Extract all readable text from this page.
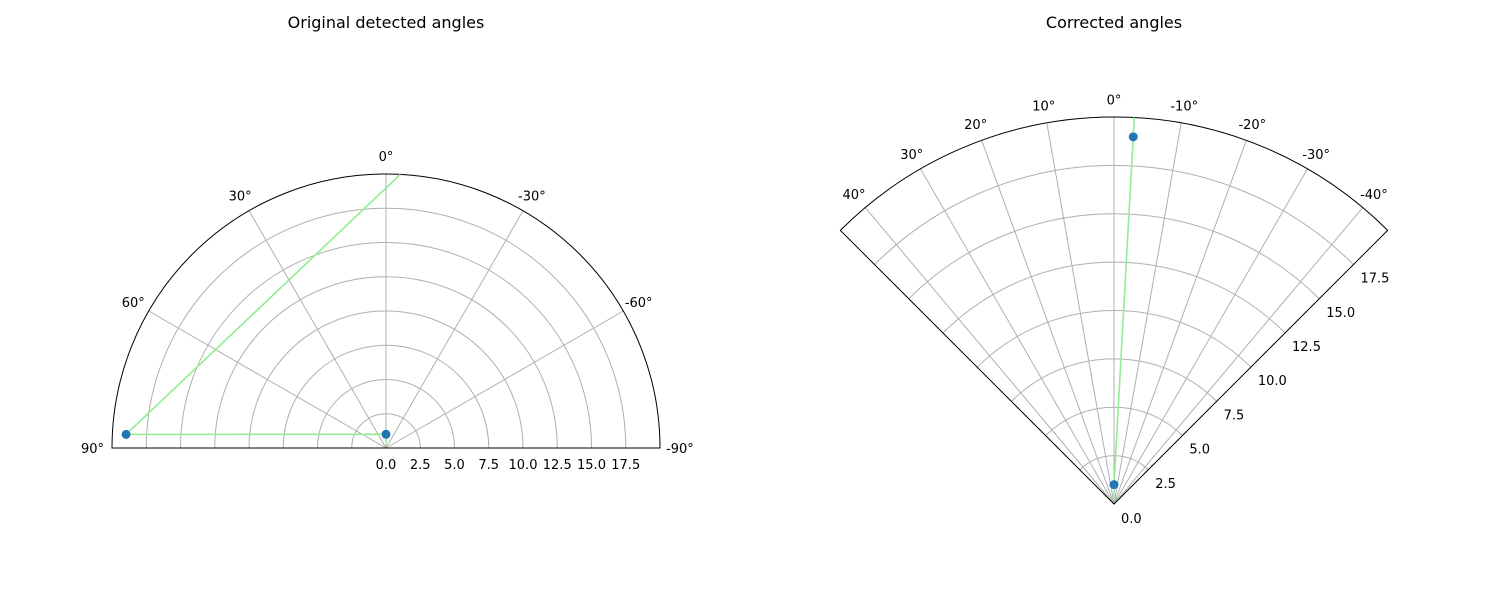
Original detected angles
0°
30°
60°
90°
-30°
-60°
-90°
0.0 2.5 5.0 7.5 10.0 12.5 15.0 17.5
Corrected angles
0°
10°
20°
30°
40°
-10°
-20°
-30°
-40°
0.0
2.5
5.0
7.5
10.0
12.5
15.0
17.5
